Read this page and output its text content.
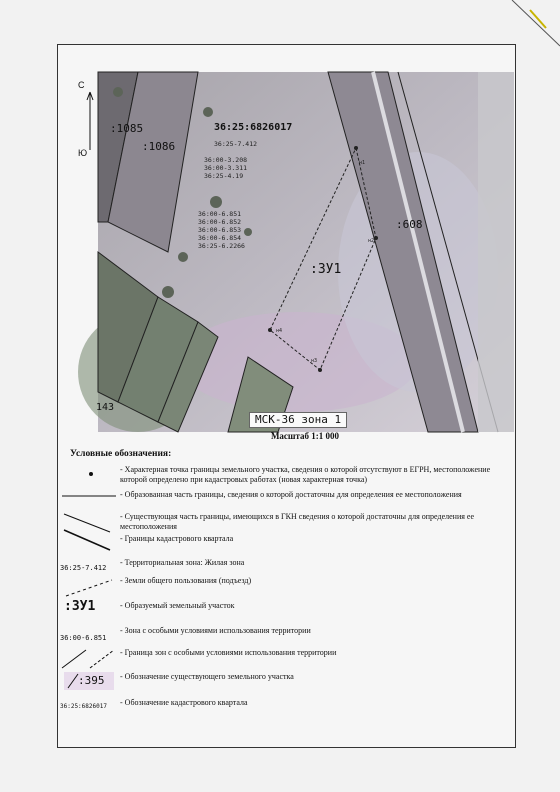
С
Ю
:1085
:1086
36:25:6826017
:608
:ЗУ1
143
36:25-7.412
36:00-3.208
36:00-3.311
36:25-4.19
36:00-6.851
36:00-6.852
36:00-6.853
36:00-6.854
36:25-6.2266
н1
н2
н3
н4
МСК-36 зона 1
Масштаб 1:1 000
Условные обозначения:
- Характерная точка границы земельного участка, сведения о которой отсутствуют в ЕГРН, местоположение которой определено при кадастровых работах (новая характерная точка)
- Образованная часть границы, сведения о которой достаточны для определения ее местоположения
- Существующая часть границы, имеющихся в ГКН сведения о которой достаточны для определения ее местоположения
- Границы кадастрового квартала
36:25-7.412
- Территориальная зона: Жилая зона
- Земли общего пользования (подъезд)
:ЗУ1	- Образуемый земельный участок
36:00-6.851
- Зона с особыми условиями использования территории
- Граница зон с особыми условиями использования территории
:395 - Обозначение существующего земельного участка
36:25:6826017	- Обозначение кадастрового квартала
